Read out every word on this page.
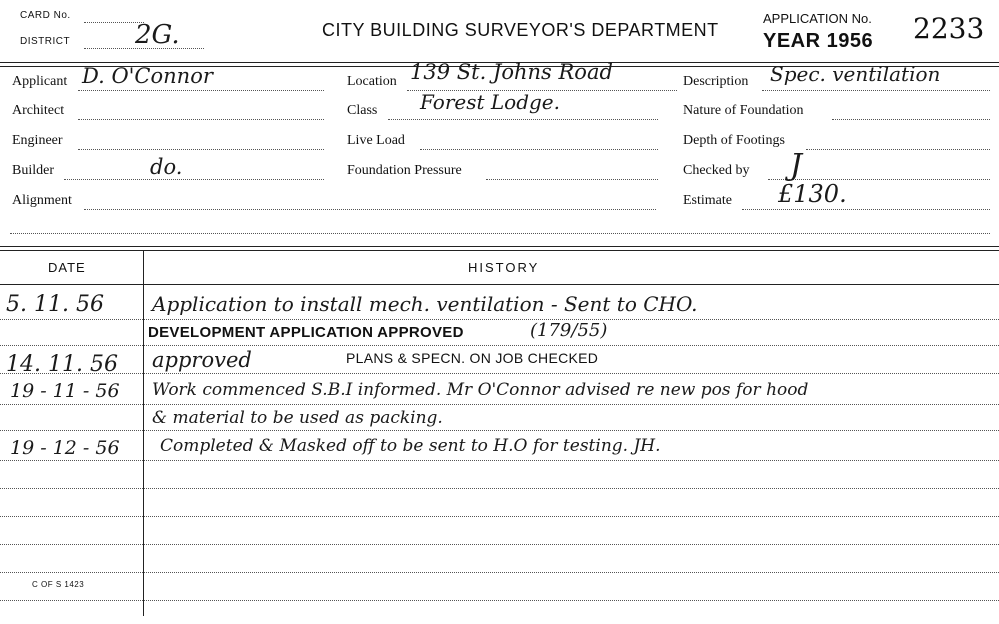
CARD No.
DISTRICT 2G.	CITY BUILDING SURVEYOR'S DEPARTMENT
APPLICATION No. 2233
YEAR 1956
Applicant D. O'Connor
Architect
Engineer
Builder	do.
Alignment
Location 139 St. Johns Road
Class Forest Lodge.
Live Load
Foundation Pressure
Description Spec. ventilation
Nature of Foundation
Depth of Footings
Checked by J
Estimate £130.
DATE	HISTORY
5. 11. 56 Application to install mech. ventilation - Sent to CHO.
DEVELOPMENT APPLICATION APPROVED	(179/55)
14. 11. 56 approved	PLANS & SPECN. ON JOB CHECKED
19 - 11 - 56 Work commenced S.B.I informed. Mr O'Connor advised re new pos for hood
& material to be used as packing.
19 - 12 - 56 Completed & Masked off to be sent to H.O for testing. JH.
C OF S 1423
